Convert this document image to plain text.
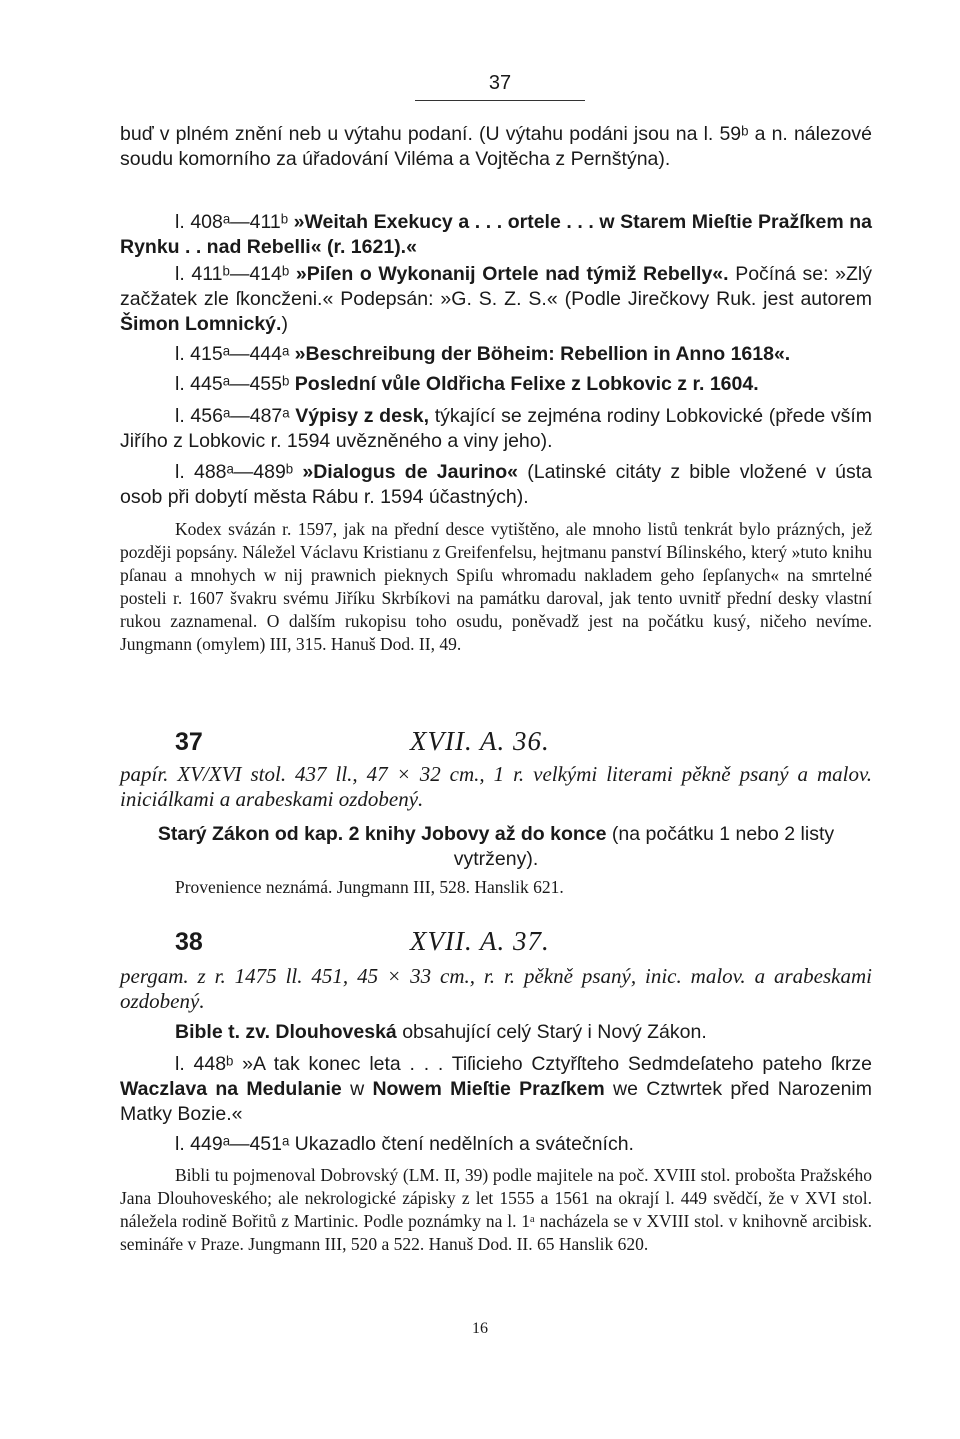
37
buď v plném znění neb u výtahu podaní. (U výtahu podáni jsou na l. 59ᵇ a n. nálezové soudu komorního za úřadování Viléma a Vojtěcha z Pernštýna).
l. 408ᵃ—411ᵇ »Weitah Exekucy a . . . ortele . . . w Starem Mieſtie Pražſkem na Rynku . . nad Rebelli« (r. 1621).«
l. 411ᵇ—414ᵇ »Piſen o Wykonanij Ortele nad týmiž Rebelly«. Počíná se: »Zlý začžatek zle ſkoncženi.« Podepsán: »G. S. Z. S.« (Podle Jirečkovy Ruk. jest autorem Šimon Lomnický.)
l. 415ᵃ—444ᵃ »Beschreibung der Böheim: Rebellion in Anno 1618«.
l. 445ᵃ—455ᵇ Poslední vůle Oldřicha Felixe z Lobkovic z r. 1604.
l. 456ᵃ—487ᵃ Výpisy z desk, týkající se zejména rodiny Lobkovické (přede vším Jiřího z Lobkovic r. 1594 uvězněného a viny jeho).
l. 488ᵃ—489ᵇ »Dialogus de Jaurino« (Latinské citáty z bible vložené v ústa osob při dobytí města Rábu r. 1594 účastných).
Kodex svázán r. 1597, jak na přední desce vytištěno, ale mnoho listů tenkrát bylo prázných, jež později popsány. Náležel Václavu Kristianu z Greifenfelsu, hejtmanu panství Bílinského, který »tuto knihu pſanau a mnohych w nij prawnich pieknych Spiſu whromadu nakladem geho ſepſanych« na smrtelné posteli r. 1607 švakru svému Jiříku Skrbíkovi na památku daroval, jak tento uvnitř přední desky vlastní rukou zaznamenal. O dalším rukopisu toho osudu, poněvadž jest na počátku kusý, ničeho nevíme. Jungmann (omylem) III, 315. Hanuš Dod. II, 49.
37	XVII. A. 36.
papír. XV/XVI stol. 437 ll., 47 × 32 cm., 1 r. velkými literami pěkně psaný a malov. iniciálkami a arabeskami ozdobený.
Starý Zákon od kap. 2 knihy Jobovy až do konce (na počátku 1 nebo 2 listy vytrženy).
Provenience neznámá. Jungmann III, 528. Hanslik 621.
38	XVII. A. 37.
pergam. z r. 1475 ll. 451, 45 × 33 cm., r. r. pěkně psaný, inic. malov. a arabeskami ozdobený.
Bible t. zv. Dlouhoveská obsahující celý Starý i Nový Zákon.
l. 448ᵇ »A tak konec leta . . . Tiſicieho Cztyřſteho Sedmdeſateho pateho ſkrze Waczlava na Medulanie w Nowem Mieſtie Prazſkem we Cztwrtek před Narozenim Matky Bozie.«
l. 449ᵃ—451ᵃ Ukazadlo čtení nedělních a svátečních.
Bibli tu pojmenoval Dobrovský (LM. II, 39) podle majitele na poč. XVIII stol. probošta Pražského Jana Dlouhoveského; ale nekrologické zápisky z let 1555 a 1561 na okrají l. 449 svědčí, že v XVI stol. náležela rodině Bořitů z Martinic. Podle poznámky na l. 1ᵃ nacházela se v XVIII stol. v knihovně arcibisk. semináře v Praze. Jungmann III, 520 a 522. Hanuš Dod. II. 65 Hanslik 620.
16
